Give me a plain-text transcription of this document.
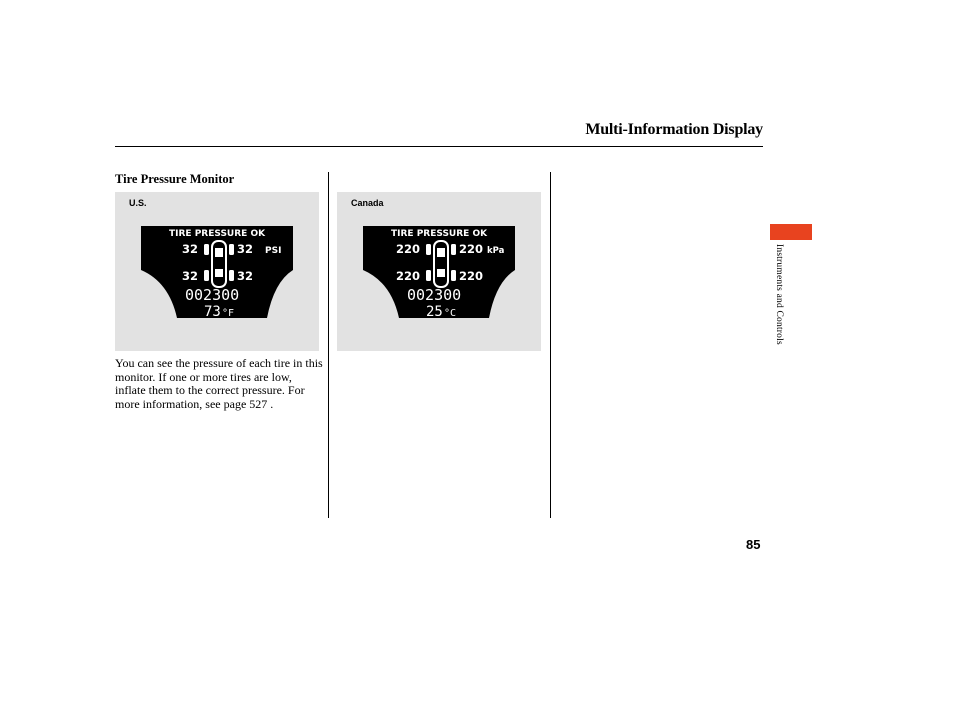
Multi-Information Display
Tire Pressure Monitor
U.S.
TIRE PRESSURE OK
32	32 PSI
32	32
002300
73 °F
Canada
TIRE PRESSURE OK
220	220 kPa
220	220
002300
25 °C
You can see the pressure of each tire in this monitor. If one or more tires are low, inflate them to the correct pressure. For more information, see page 527 .
Instruments and Controls
85
